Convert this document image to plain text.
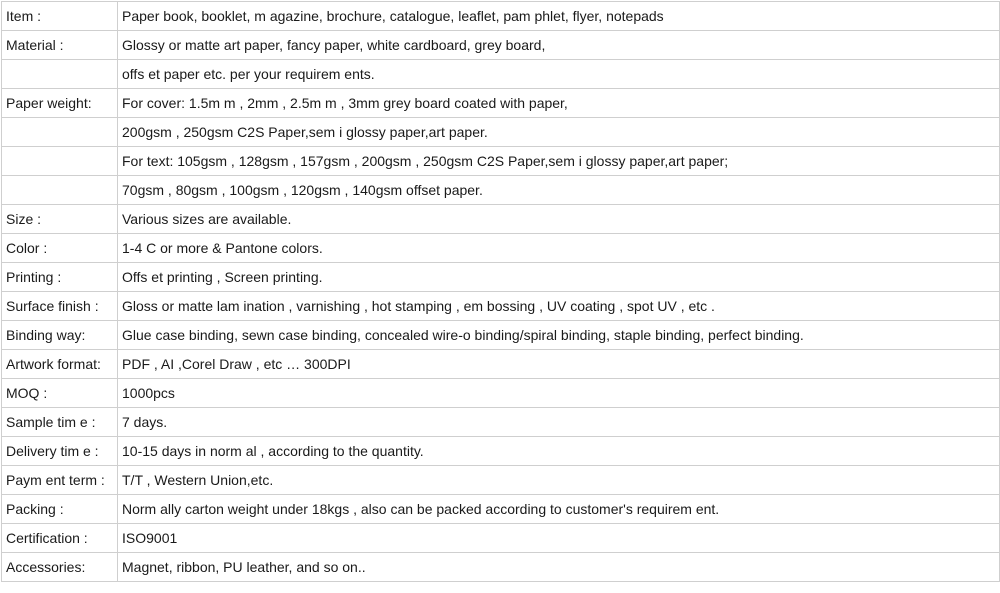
Item :	Paper book, booklet, m agazine, brochure, catalogue, leaflet, pam phlet, flyer, notepads
Material :	Glossy or matte art paper, fancy paper, white cardboard, grey board,
	offs et paper etc. per your requirem ents.
Paper weight:	For cover: 1.5m m , 2mm , 2.5m m , 3mm grey board coated with paper,
	200gsm , 250gsm C2S Paper,sem i glossy paper,art paper.
	For text: 105gsm , 128gsm , 157gsm , 200gsm , 250gsm C2S Paper,sem i glossy paper,art paper;
	70gsm , 80gsm , 100gsm , 120gsm , 140gsm offset paper.
Size :	Various sizes are available.
Color :	1-4 C or more & Pantone colors.
Printing :	Offs et printing , Screen printing.
Surface finish :	Gloss or matte lam ination , varnishing , hot stamping , em bossing , UV coating , spot UV , etc .
Binding way:	Glue case binding, sewn case binding, concealed wire-o binding/spiral binding, staple binding, perfect binding.
Artwork format:	PDF , AI ,Corel Draw , etc … 300DPI
MOQ :	1000pcs
Sample tim e :	7 days.
Delivery tim e :	10-15 days in norm al , according to the quantity.
Paym ent term :	T/T , Western Union,etc.
Packing :	Norm ally carton weight under 18kgs , also can be packed according to customer's requirem ent.
Certification :	ISO9001
Accessories:	Magnet, ribbon, PU leather, and so on..
